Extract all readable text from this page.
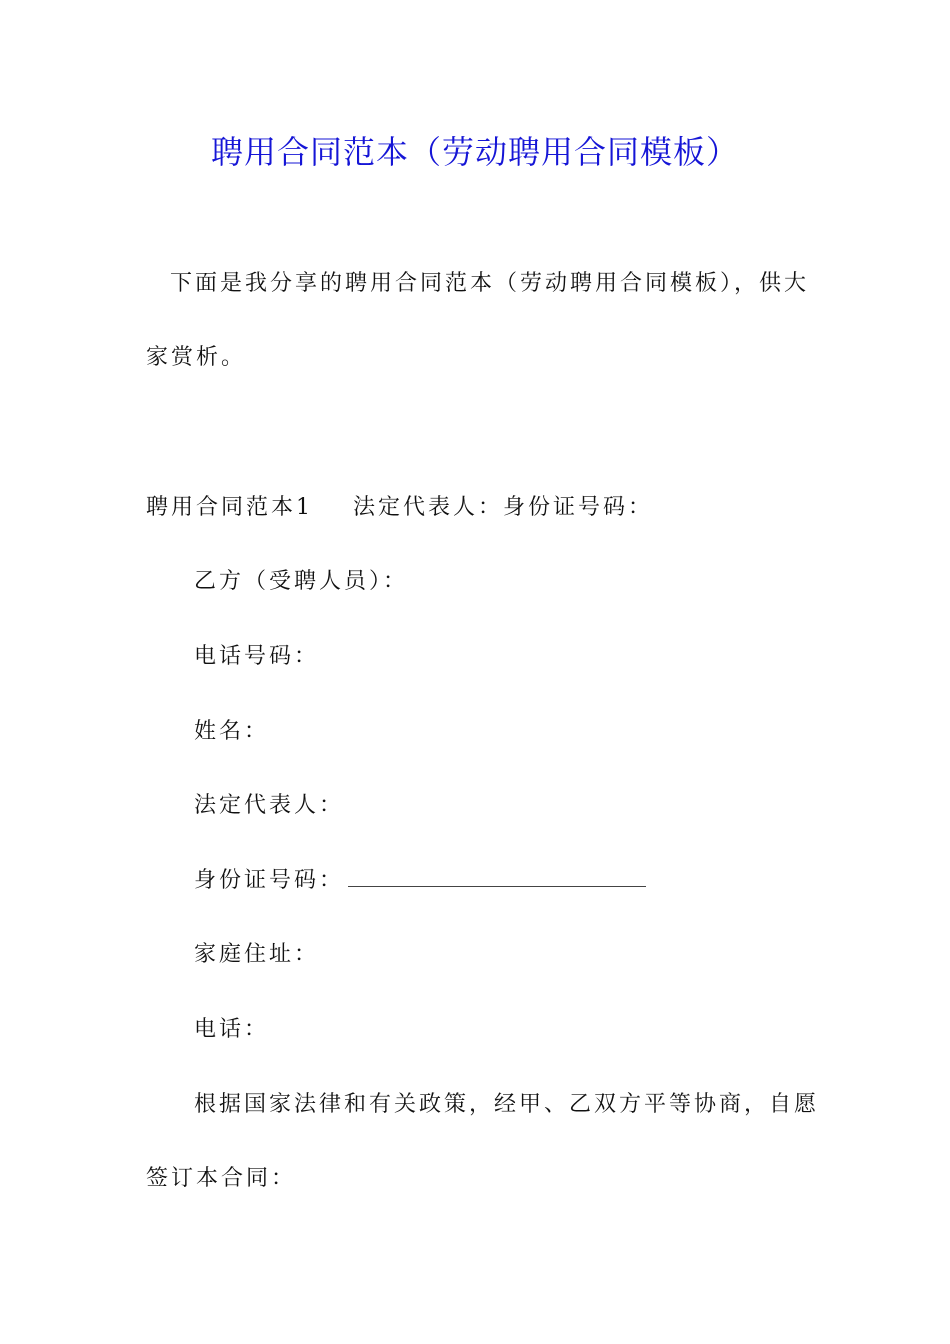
聘用合同范本（劳动聘用合同模板）
下面是我分享的聘用合同范本（劳动聘用合同模板），供大
家赏析。
聘用合同范本1 法定代表人：身份证号码：
乙方（受聘人员）：
电话号码：
姓名：
法定代表人：
身份证号码：
家庭住址：
电话：
根据国家法律和有关政策，经甲、乙双方平等协商，自愿
签订本合同：
